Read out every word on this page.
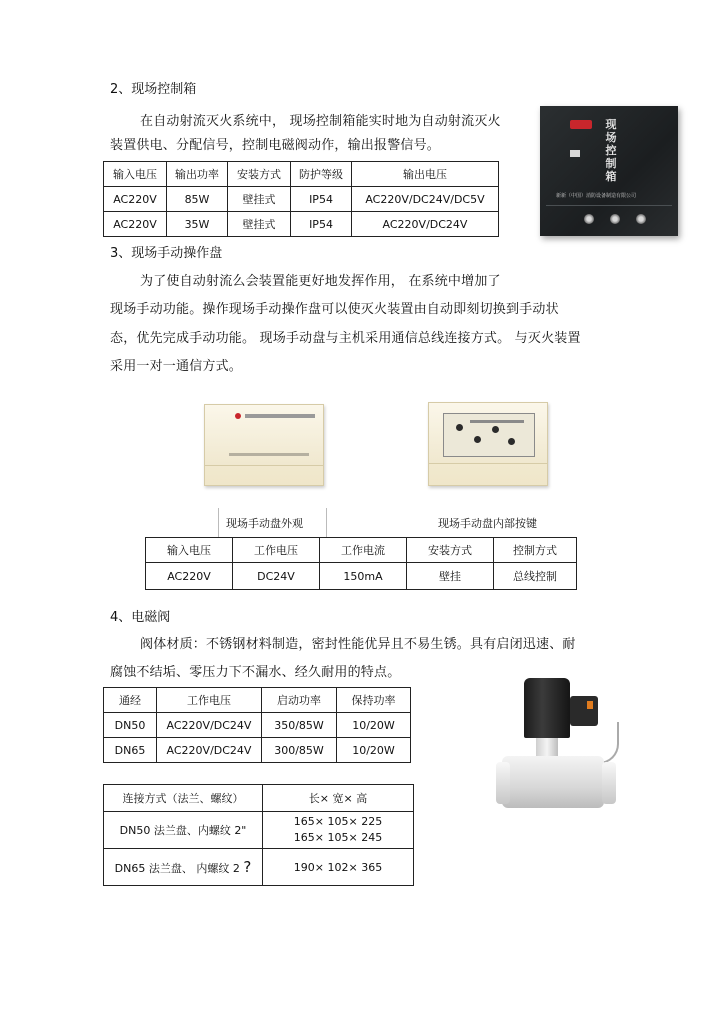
2、现场控制箱
在自动射流灭火系统中， 现场控制箱能实时地为自动射流灭火
装置供电、分配信号，控制电磁阀动作，输出报警信号。
输入电压	输出功率	安装方式	防护等级	输出电压
AC220V	85W	壁挂式	IP54	AC220V/DC24V/DC5V
AC220V	35W	壁挂式	IP54	AC220V/DC24V
现场控制箱
新新（中国）消防设备制造有限公司
3、现场手动操作盘
为了使自动射流么会装置能更好地发挥作用， 在系统中增加了
现场手动功能。操作现场手动操作盘可以使灭火装置由自动即刻切换到手动状
态，优先完成手动功能。 现场手动盘与主机采用通信总线连接方式。 与灭火装置
采用一对一通信方式。
现场手动盘外观	现场手动盘内部按键
输入电压	工作电压	工作电流	安装方式	控制方式
AC220V	DC24V	150mA	壁挂	总线控制
4、电磁阀
阀体材质：不锈钢材料制造，密封性能优异且不易生锈。具有启闭迅速、耐
腐蚀不结垢、零压力下不漏水、经久耐用的特点。
通经	工作电压	启动功率	保持功率
DN50	AC220V/DC24V	350/85W	10/20W
DN65	AC220V/DC24V	300/85W	10/20W
连接方式（法兰、螺纹）	长× 宽× 高
DN50 法兰盘、内螺纹 2"	165× 105× 225
165× 105× 245

DN65 法兰盘、 内螺纹 2 ?	190× 102× 365
